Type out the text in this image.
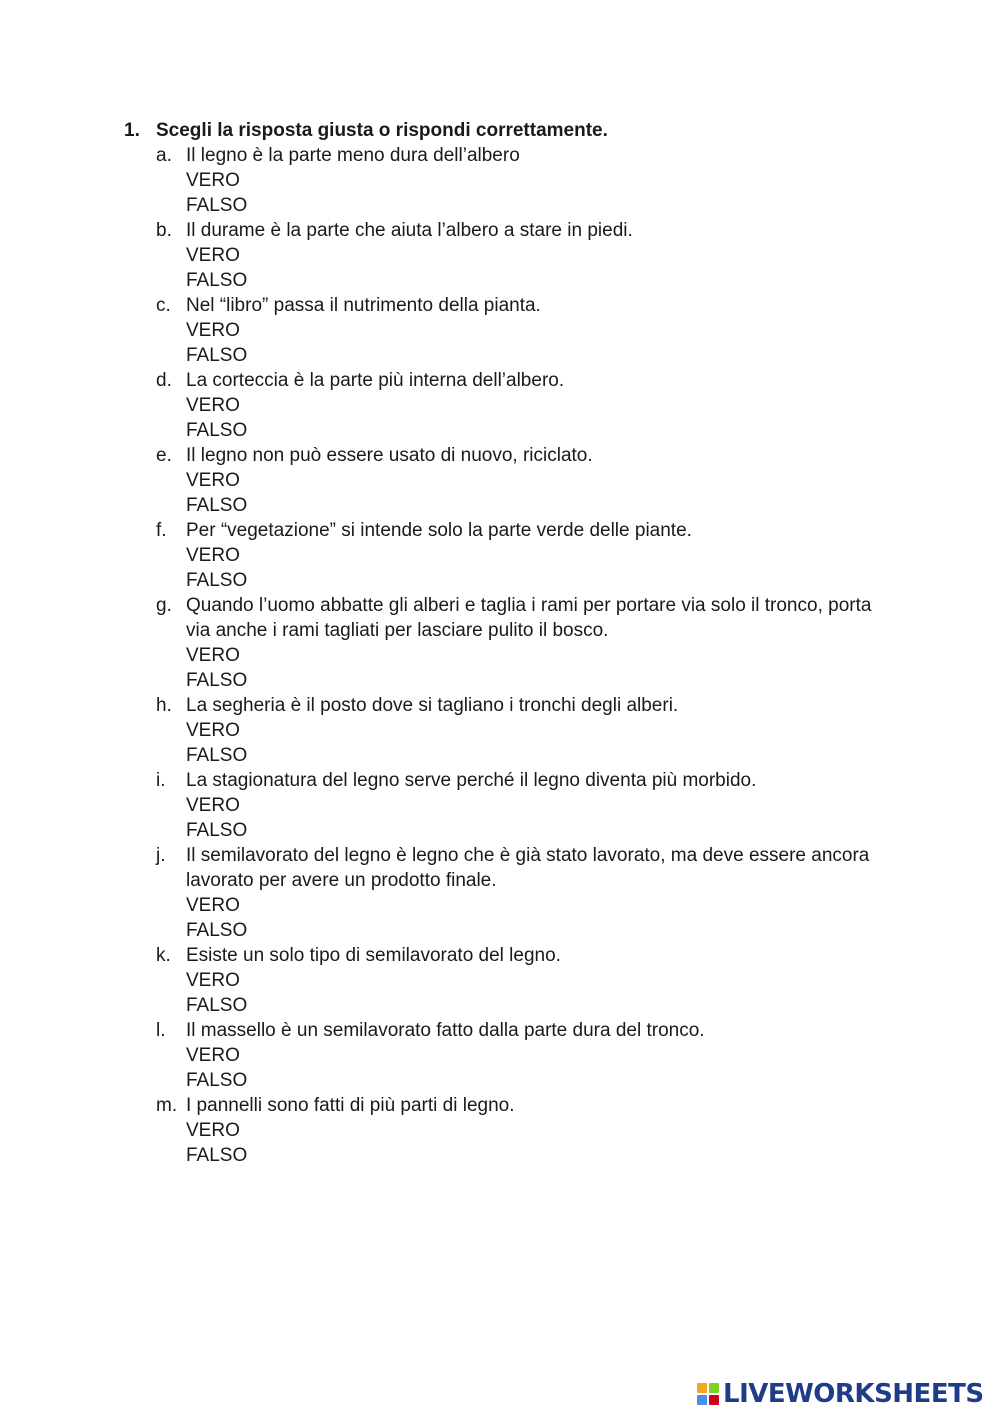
1. Scegli la risposta giusta o rispondi correttamente.
a. Il legno è la parte meno dura dell’albero
VERO
FALSO
b. Il durame è la parte che aiuta l’albero a stare in piedi.
VERO
FALSO
c. Nel “libro” passa il nutrimento della pianta.
VERO
FALSO
d. La corteccia è la parte più interna dell’albero.
VERO
FALSO
e. Il legno non può essere usato di nuovo, riciclato.
VERO
FALSO
f. Per “vegetazione” si intende solo la parte verde delle piante.
VERO
FALSO
g. Quando l’uomo abbatte gli alberi e taglia i rami per portare via solo il tronco, porta via anche i rami tagliati per lasciare pulito il bosco.
VERO
FALSO
h. La segheria è il posto dove si tagliano i tronchi degli alberi.
VERO
FALSO
i. La stagionatura del legno serve perché il legno diventa più morbido.
VERO
FALSO
j. Il semilavorato del legno è legno che è già stato lavorato, ma deve essere ancora lavorato per avere un prodotto finale.
VERO
FALSO
k. Esiste un solo tipo di semilavorato del legno.
VERO
FALSO
l. Il massello è un semilavorato fatto dalla parte dura del tronco.
VERO
FALSO
m. I pannelli sono fatti di più parti di legno.
VERO
FALSO
LIVEWORKSHEETS
